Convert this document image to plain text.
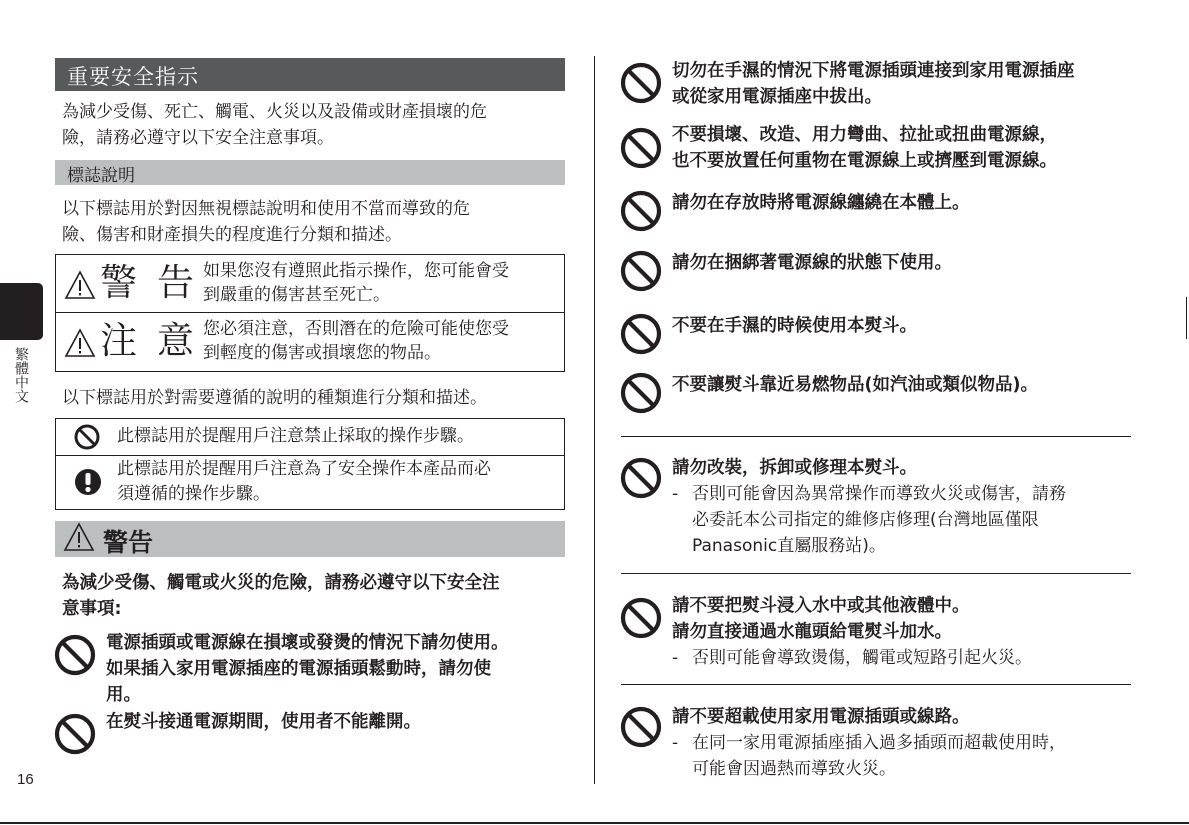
繁體中文
16
重要安全指示
為減少受傷、死亡、觸電、火災以及設備或財產損壞的危
險，請務必遵守以下安全注意事項。
標誌說明
以下標誌用於對因無視標誌說明和使用不當而導致的危
險、傷害和財產損失的程度進行分類和描述。
警 告 如果您沒有遵照此指示操作，您可能會受
到嚴重的傷害甚至死亡。
注 意 您必須注意，否則潛在的危險可能使您受
到輕度的傷害或損壞您的物品。
以下標誌用於對需要遵循的說明的種類進行分類和描述。
此標誌用於提醒用戶注意禁止採取的操作步驟。
此標誌用於提醒用戶注意為了安全操作本產品而必
須遵循的操作步驟。
警告
為減少受傷、觸電或火災的危險，請務必遵守以下安全注
意事項:
電源插頭或電源線在損壞或發燙的情況下請勿使用。
如果插入家用電源插座的電源插頭鬆動時，請勿使
用。
在熨斗接通電源期間，使用者不能離開。
切勿在手濕的情況下將電源插頭連接到家用電源插座
或從家用電源插座中拔出。
不要損壞、改造、用力彎曲、拉扯或扭曲電源線，
也不要放置任何重物在電源線上或擠壓到電源線。
請勿在存放時將電源線纏繞在本體上。
請勿在捆綁著電源線的狀態下使用。
不要在手濕的時候使用本熨斗。
不要讓熨斗靠近易燃物品(如汽油或類似物品)。
請勿改裝，拆卸或修理本熨斗。
- 否則可能會因為異常操作而導致火災或傷害，請務
必委託本公司指定的維修店修理(台灣地區僅限
Panasonic直屬服務站)。
請不要把熨斗浸入水中或其他液體中。
請勿直接通過水龍頭給電熨斗加水。
- 否則可能會導致燙傷，觸電或短路引起火災。
請不要超載使用家用電源插頭或線路。
- 在同一家用電源插座插入過多插頭而超載使用時，
可能會因過熱而導致火災。
